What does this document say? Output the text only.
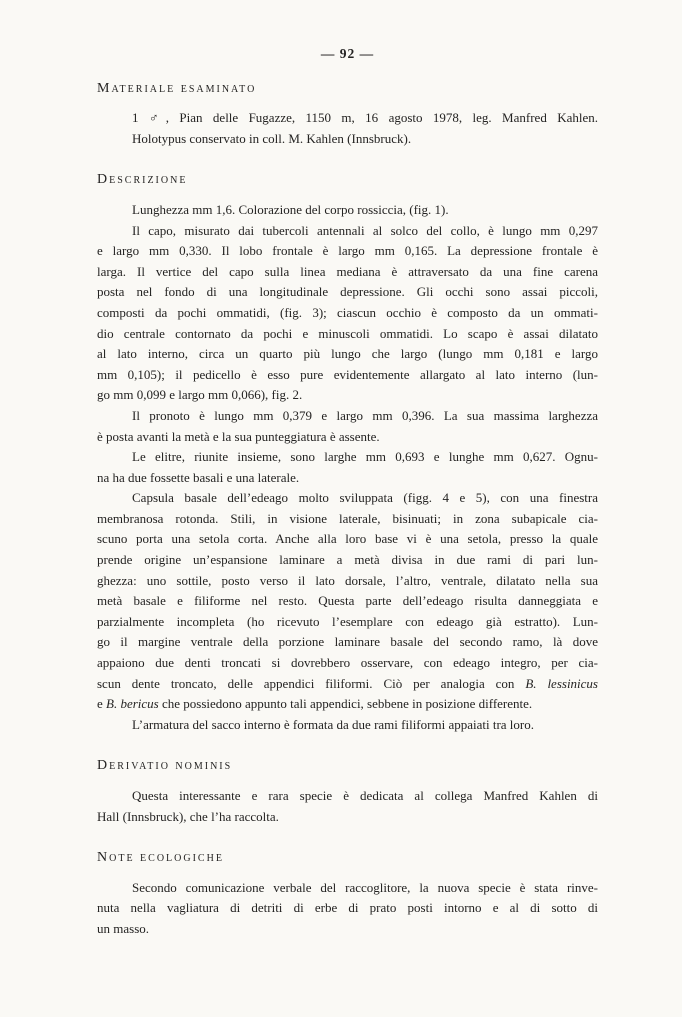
— 92 —
Materiale esaminato
1 ♂, Pian delle Fugazze, 1150 m, 16 agosto 1978, leg. Manfred Kahlen.
Holotypus conservato in coll. M. Kahlen (Innsbruck).
Descrizione
Lunghezza mm 1,6. Colorazione del corpo rossiccia, (fig. 1).
Il capo, misurato dai tubercoli antennali al solco del collo, è lungo mm 0,297
e largo mm 0,330. Il lobo frontale è largo mm 0,165. La depressione frontale è
larga. Il vertice del capo sulla linea mediana è attraversato da una fine carena
posta nel fondo di una longitudinale depressione. Gli occhi sono assai piccoli,
composti da pochi ommatidi, (fig. 3); ciascun occhio è composto da un ommati-
dio centrale contornato da pochi e minuscoli ommatidi. Lo scapo è assai dilatato
al lato interno, circa un quarto più lungo che largo (lungo mm 0,181 e largo
mm 0,105); il pedicello è esso pure evidentemente allargato al lato interno (lun-
go mm 0,099 e largo mm 0,066), fig. 2.
Il pronoto è lungo mm 0,379 e largo mm 0,396. La sua massima larghezza
è posta avanti la metà e la sua punteggiatura è assente.
Le elitre, riunite insieme, sono larghe mm 0,693 e lunghe mm 0,627. Ognu-
na ha due fossette basali e una laterale.
Capsula basale dell’edeago molto sviluppata (figg. 4 e 5), con una finestra
membranosa rotonda. Stili, in visione laterale, bisinuati; in zona subapicale cia-
scuno porta una setola corta. Anche alla loro base vi è una setola, presso la quale
prende origine un’espansione laminare a metà divisa in due rami di pari lun-
ghezza: uno sottile, posto verso il lato dorsale, l’altro, ventrale, dilatato nella sua
metà basale e filiforme nel resto. Questa parte dell’edeago risulta danneggiata e
parzialmente incompleta (ho ricevuto l’esemplare con edeago già estratto). Lun-
go il margine ventrale della porzione laminare basale del secondo ramo, là dove
appaiono due denti troncati si dovrebbero osservare, con edeago integro, per cia-
scun dente troncato, delle appendici filiformi. Ciò per analogia con B. lessinicus
e B. bericus che possiedono appunto tali appendici, sebbene in posizione differente.
L’armatura del sacco interno è formata da due rami filiformi appaiati tra loro.
Derivatio nominis
Questa interessante e rara specie è dedicata al collega Manfred Kahlen di
Hall (Innsbruck), che l’ha raccolta.
Note ecologiche
Secondo comunicazione verbale del raccoglitore, la nuova specie è stata rinve-
nuta nella vagliatura di detriti di erbe di prato posti intorno e al di sotto di
un masso.
